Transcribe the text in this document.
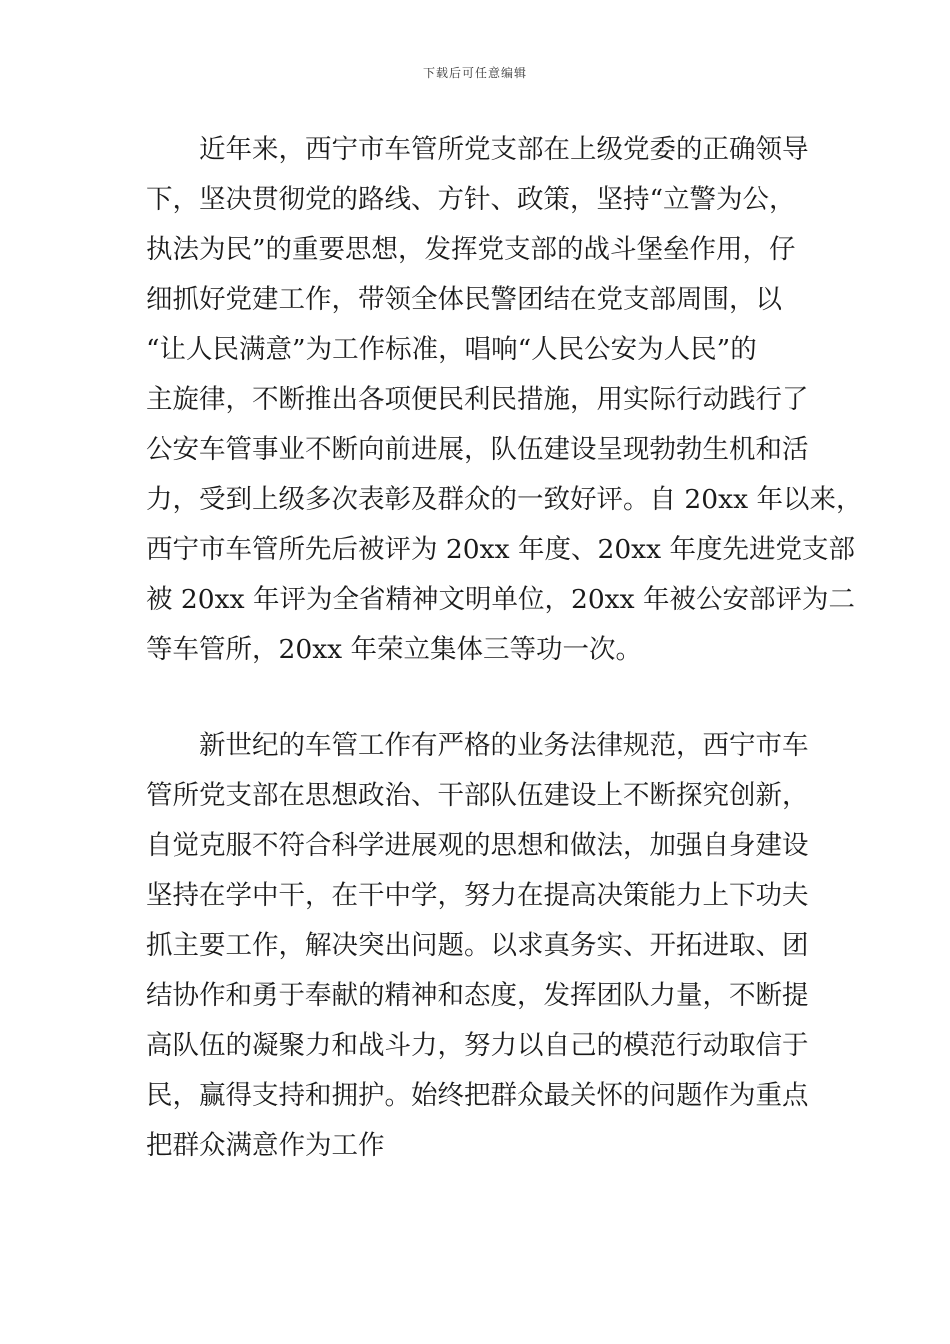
下载后可任意编辑
　　近年来，西宁市车管所党支部在上级党委的正确领导
下，坚决贯彻党的路线、方针、政策，坚持“立警为公，
执法为民”的重要思想，发挥党支部的战斗堡垒作用，仔
细抓好党建工作，带领全体民警团结在党支部周围，以
“让人民满意”为工作标准，唱响“人民公安为人民”的
主旋律，不断推出各项便民利民措施，用实际行动践行了
公安车管事业不断向前进展，队伍建设呈现勃勃生机和活
力，受到上级多次表彰及群众的一致好评。自 20xx 年以来，
西宁市车管所先后被评为 20xx 年度、20xx 年度先进党支部
被 20xx 年评为全省精神文明单位，20xx 年被公安部评为二
等车管所，20xx 年荣立集体三等功一次。
　　新世纪的车管工作有严格的业务法律规范，西宁市车
管所党支部在思想政治、干部队伍建设上不断探究创新，
自觉克服不符合科学进展观的思想和做法，加强自身建设
坚持在学中干，在干中学，努力在提高决策能力上下功夫
抓主要工作，解决突出问题。以求真务实、开拓进取、团
结协作和勇于奉献的精神和态度，发挥团队力量，不断提
高队伍的凝聚力和战斗力，努力以自己的模范行动取信于
民，赢得支持和拥护。始终把群众最关怀的问题作为重点
把群众满意作为工作
